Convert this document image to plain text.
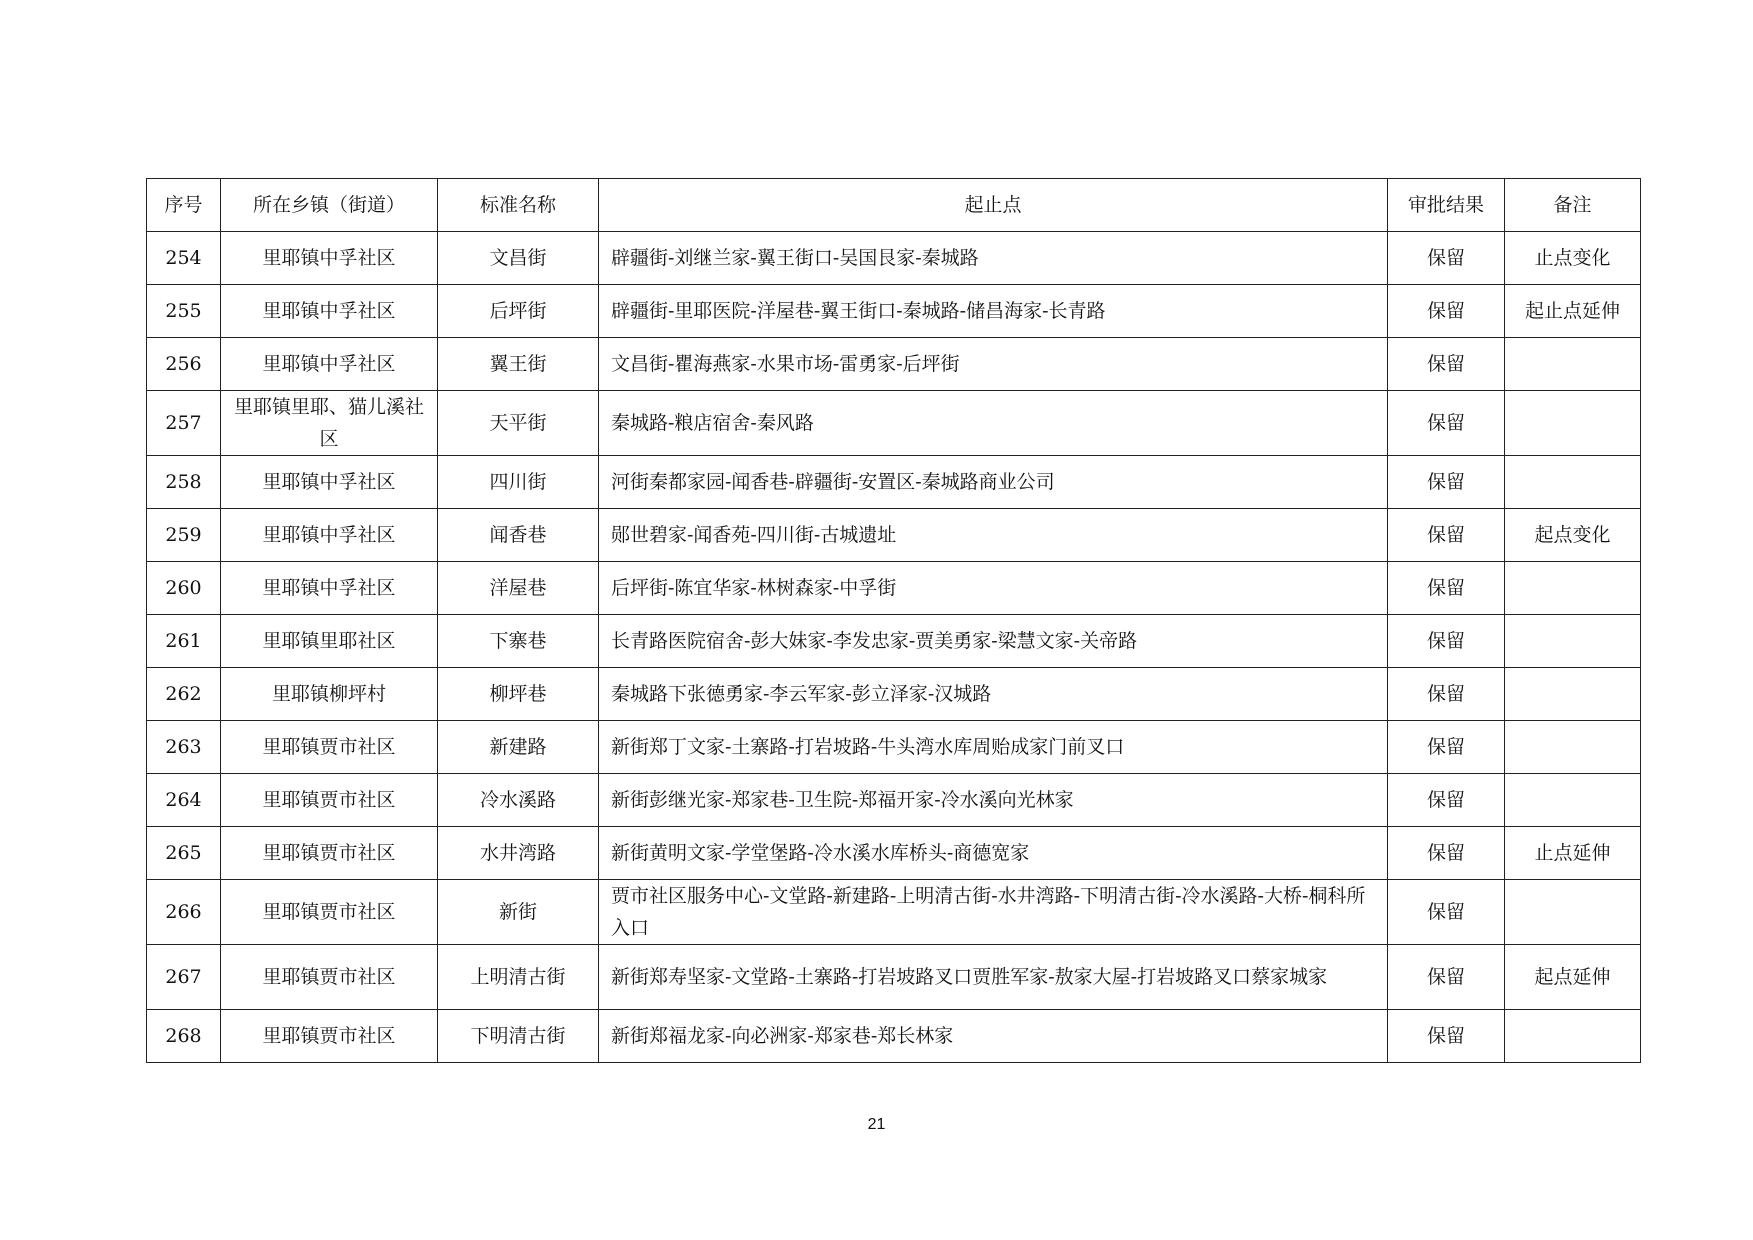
序号	所在乡镇（街道）	标准名称	起止点	审批结果	备注
254	里耶镇中孚社区	文昌街	辟疆街-刘继兰家-翼王街口-吴国艮家-秦城路	保留	止点变化
255	里耶镇中孚社区	后坪街	辟疆街-里耶医院-洋屋巷-翼王街口-秦城路-储昌海家-长青路	保留	起止点延伸
256	里耶镇中孚社区	翼王街	文昌街-瞿海燕家-水果市场-雷勇家-后坪街	保留	
257	里耶镇里耶、猫儿溪社区	天平街	秦城路-粮店宿舍-秦风路	保留	
258	里耶镇中孚社区	四川街	河街秦都家园-闻香巷-辟疆街-安置区-秦城路商业公司	保留	
259	里耶镇中孚社区	闻香巷	郧世碧家-闻香苑-四川街-古城遗址	保留	起点变化
260	里耶镇中孚社区	洋屋巷	后坪街-陈宜华家-林树森家-中孚街	保留	
261	里耶镇里耶社区	下寨巷	长青路医院宿舍-彭大妹家-李发忠家-贾美勇家-梁慧文家-关帝路	保留	
262	里耶镇柳坪村	柳坪巷	秦城路下张德勇家-李云军家-彭立泽家-汉城路	保留	
263	里耶镇贾市社区	新建路	新街郑丁文家-土寨路-打岩坡路-牛头湾水库周贻成家门前叉口	保留	
264	里耶镇贾市社区	冷水溪路	新街彭继光家-郑家巷-卫生院-郑福开家-冷水溪向光林家	保留	
265	里耶镇贾市社区	水井湾路	新街黄明文家-学堂堡路-冷水溪水库桥头-商德宽家	保留	止点延伸
266	里耶镇贾市社区	新街	贾市社区服务中心-文堂路-新建路-上明清古街-水井湾路-下明清古街-冷水溪路-大桥-桐科所入口	保留	
267	里耶镇贾市社区	上明清古街	新街郑寿坚家-文堂路-土寨路-打岩坡路叉口贾胜军家-敖家大屋-打岩坡路叉口蔡家城家	保留	起点延伸
268	里耶镇贾市社区	下明清古街	新街郑福龙家-向必洲家-郑家巷-郑长林家	保留	
21
